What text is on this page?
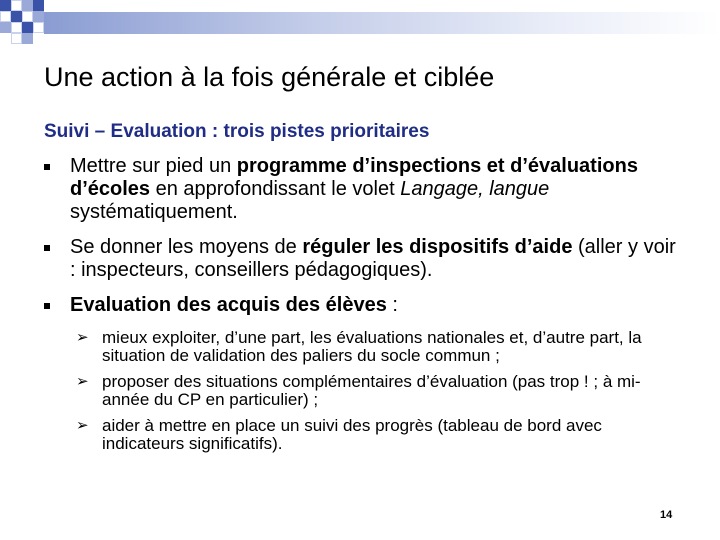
Une action à la fois générale et ciblée
Suivi – Evaluation : trois pistes prioritaires
Mettre sur pied un programme d’inspections et d’évaluations d’écoles en approfondissant le volet Langage, langue systématiquement.
Se donner les moyens de réguler les dispositifs d’aide (aller y voir : inspecteurs, conseillers pédagogiques).
Evaluation des acquis des élèves :
➢ mieux exploiter, d’une part, les évaluations nationales et, d’autre part, la situation de validation des paliers du socle commun ;
➢ proposer des situations complémentaires d’évaluation (pas trop ! ; à mi-année du CP en particulier) ;
➢ aider à mettre en place un suivi des progrès (tableau de bord avec indicateurs significatifs).
14
